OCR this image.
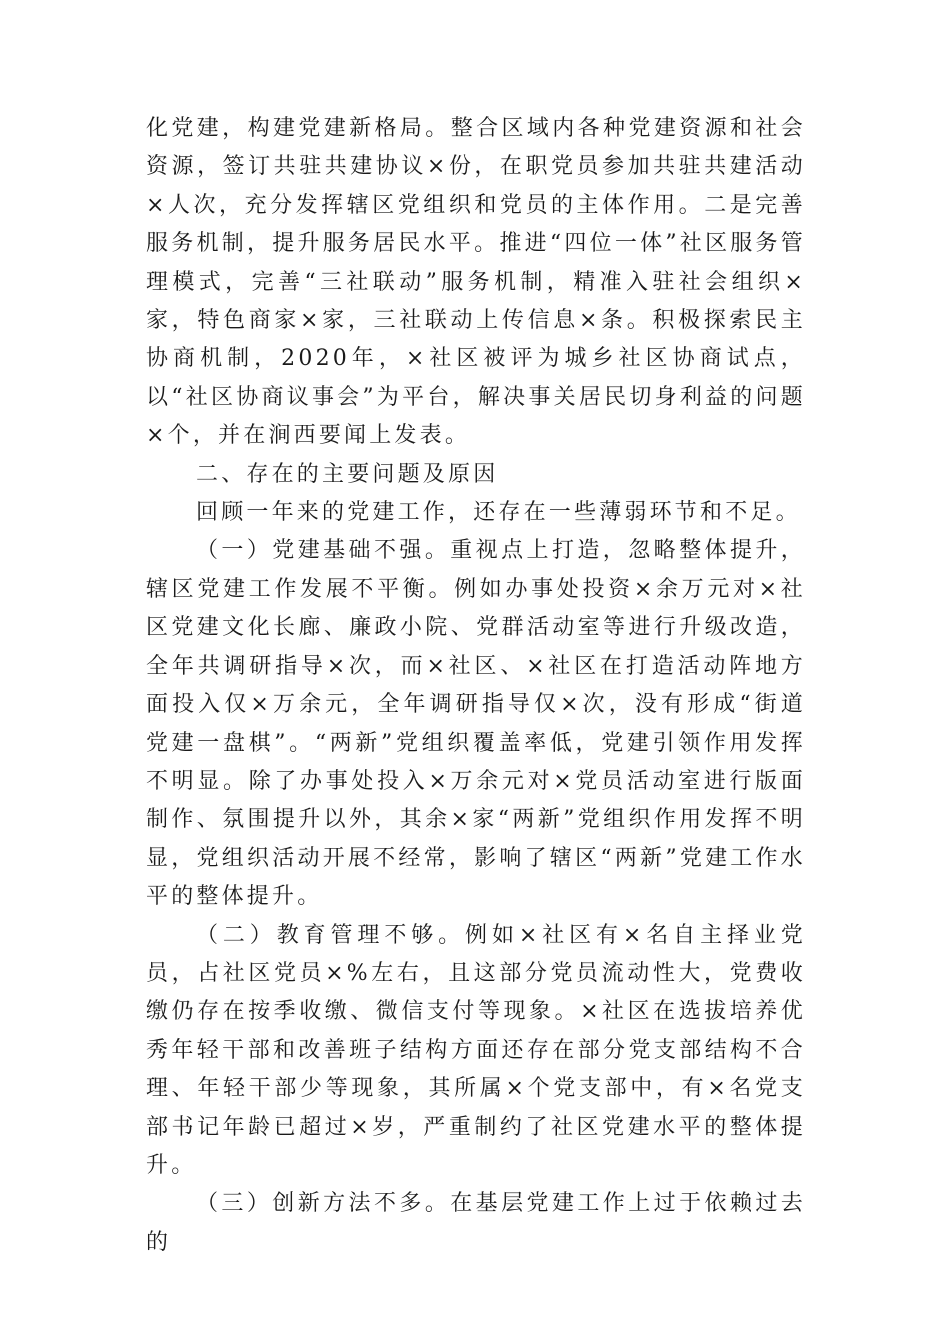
化党建，构建党建新格局。整合区域内各种党建资源和社会资源，签订共驻共建协议×份，在职党员参加共驻共建活动×人次，充分发挥辖区党组织和党员的主体作用。二是完善服务机制，提升服务居民水平。推进“四位一体”社区服务管理模式，完善“三社联动”服务机制，精准入驻社会组织×家，特色商家×家，三社联动上传信息×条。积极探索民主协商机制，2020年，×社区被评为城乡社区协商试点，以“社区协商议事会”为平台，解决事关居民切身利益的问题×个，并在涧西要闻上发表。

二、存在的主要问题及原因

回顾一年来的党建工作，还存在一些薄弱环节和不足。

（一）党建基础不强。重视点上打造，忽略整体提升，辖区党建工作发展不平衡。例如办事处投资×余万元对×社区党建文化长廊、廉政小院、党群活动室等进行升级改造，全年共调研指导×次，而×社区、×社区在打造活动阵地方面投入仅×万余元，全年调研指导仅×次，没有形成“街道党建一盘棋”。“两新”党组织覆盖率低，党建引领作用发挥不明显。除了办事处投入×万余元对×党员活动室进行版面制作、氛围提升以外，其余×家“两新”党组织作用发挥不明显，党组织活动开展不经常，影响了辖区“两新”党建工作水平的整体提升。

（二）教育管理不够。例如×社区有×名自主择业党员，占社区党员×%左右，且这部分党员流动性大，党费收缴仍存在按季收缴、微信支付等现象。×社区在选拔培养优秀年轻干部和改善班子结构方面还存在部分党支部结构不合理、年轻干部少等现象，其所属×个党支部中，有×名党支部书记年龄已超过×岁，严重制约了社区党建水平的整体提升。

（三）创新方法不多。在基层党建工作上过于依赖过去的
